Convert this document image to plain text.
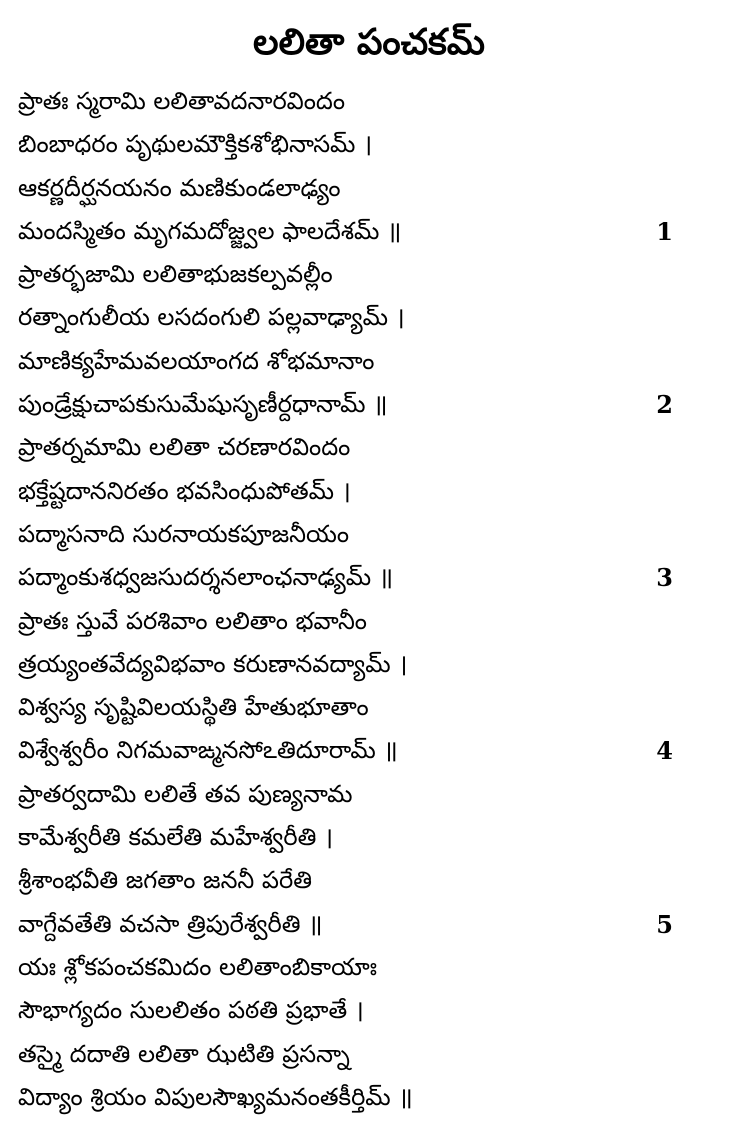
లలితా పంచకమ్
ప్రాతః స్మరామి లలితావదనారవిందం
బింబాధరం పృథులమౌక్తికశోభినాసమ్ ।
ఆకర్ణదీర్ఘనయనం మణికుండలాఢ్యం
మందస్మితం మృగమదోజ్జ్వల ఫాలదేశమ్ ॥	1
ప్రాతర్భజామి లలితాభుజకల్పవల్లీం
రత్నాంగులీయ లసదంగులి పల్లవాఢ్యామ్ ।
మాణిక్యహేమవలయాంగద శోభమానాం
పుండ్రేక్షుచాపకుసుమేషుసృణీర్దధానామ్ ॥	2
ప్రాతర్నమామి లలితా చరణారవిందం
భక్తేష్టదాననిరతం భవసింధుపోతమ్ ।
పద్మాసనాది సురనాయకపూజనీయం
పద్మాంకుశధ్వజసుదర్శనలాంఛనాఢ్యమ్ ॥	3
ప్రాతః స్తువే పరశివాం లలితాం భవానీం
త్రయ్యంతవేద్యవిభవాం కరుణానవద్యామ్ ।
విశ్వస్య సృష్టివిలయస్థితి హేతుభూతాం
విశ్వేశ్వరీం నిగమవాఙ్మనసోఽతిదూరామ్ ॥	4
ప్రాతర్వదామి లలితే తవ పుణ్యనామ
కామేశ్వరీతి కమలేతి మహేశ్వరీతి ।
శ్రీశాంభవీతి జగతాం జననీ పరేతి
వాగ్దేవతేతి వచసా త్రిపురేశ్వరీతి ॥	5
యః శ్లోకపంచకమిదం లలితాంబికాయాః
సౌభాగ్యదం సులలితం పఠతి ప్రభాతే ।
తస్మై దదాతి లలితా ఝటితి ప్రసన్నా
విద్యాం శ్రియం విపులసౌఖ్యమనంతకీర్తిమ్ ॥
